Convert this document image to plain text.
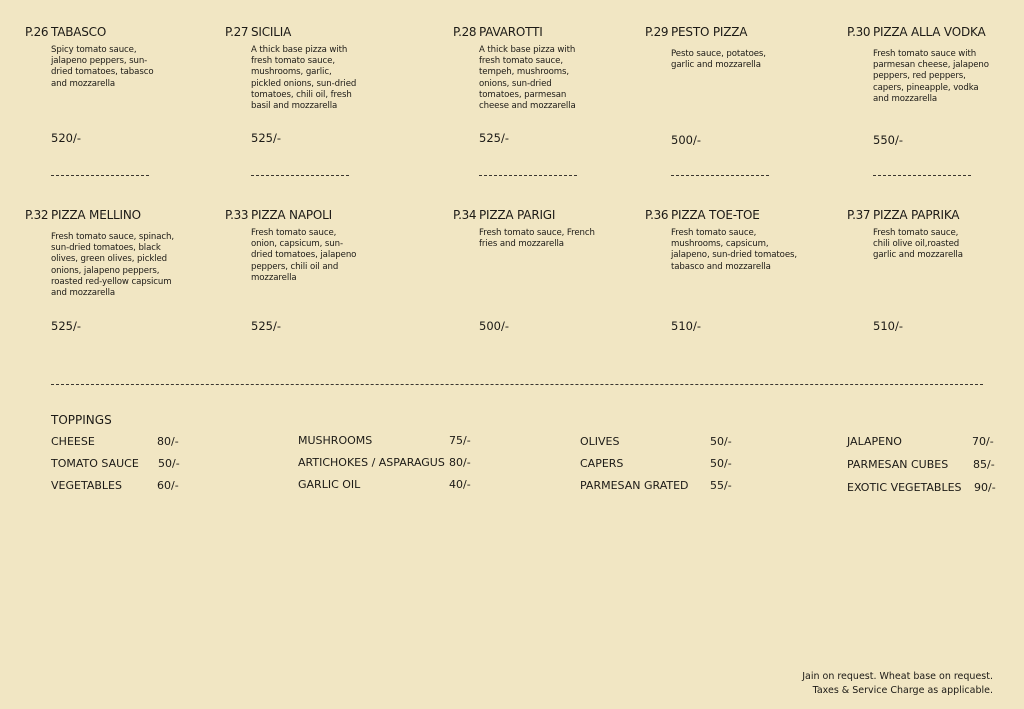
P.26 TABASCO
Spicy tomato sauce, jalapeno peppers, sun-dried tomatoes, tabasco and mozzarella
520/-
P.27 SICILIA
A thick base pizza with fresh tomato sauce, mushrooms, garlic, pickled onions, sun-dried tomatoes, chili oil, fresh basil and mozzarella
525/-
P.28 PAVAROTTI
A thick base pizza with fresh tomato sauce, tempeh, mushrooms, onions, sun-dried tomatoes, parmesan cheese and mozzarella
525/-
P.29 PESTO PIZZA
Pesto sauce, potatoes, garlic and mozzarella
500/-
P.30 PIZZA ALLA VODKA
Fresh tomato sauce with parmesan cheese, jalapeno peppers, red peppers, capers, pineapple, vodka and mozzarella
550/-
P.32 PIZZA MELLINO
Fresh tomato sauce, spinach, sun-dried tomatoes, black olives, green olives, pickled onions, jalapeno peppers, roasted red-yellow capsicum and mozzarella
525/-
P.33 PIZZA NAPOLI
Fresh tomato sauce, onion, capsicum, sun-dried tomatoes, jalapeno peppers, chili oil and mozzarella
525/-
P.34 PIZZA PARIGI
Fresh tomato sauce, French fries and mozzarella
500/-
P.36 PIZZA TOE-TOE
Fresh tomato sauce, mushrooms, capsicum, jalapeno, sun-dried tomatoes, tabasco and mozzarella
510/-
P.37 PIZZA PAPRIKA
Fresh tomato sauce, chili olive oil,roasted garlic and mozzarella
510/-
TOPPINGS
CHEESE	80/-
TOMATO SAUCE 50/-
VEGETABLES	60/-
MUSHROOMS	75/-
ARTICHOKES / ASPARAGUS 80/-
GARLIC OIL	40/-
OLIVES	50/-
CAPERS	50/-
PARMESAN GRATED 55/-
JALAPENO	70/-
PARMESAN CUBES 85/-
EXOTIC VEGETABLES 90/-
Jain on request. Wheat base on request.
Taxes & Service Charge as applicable.
